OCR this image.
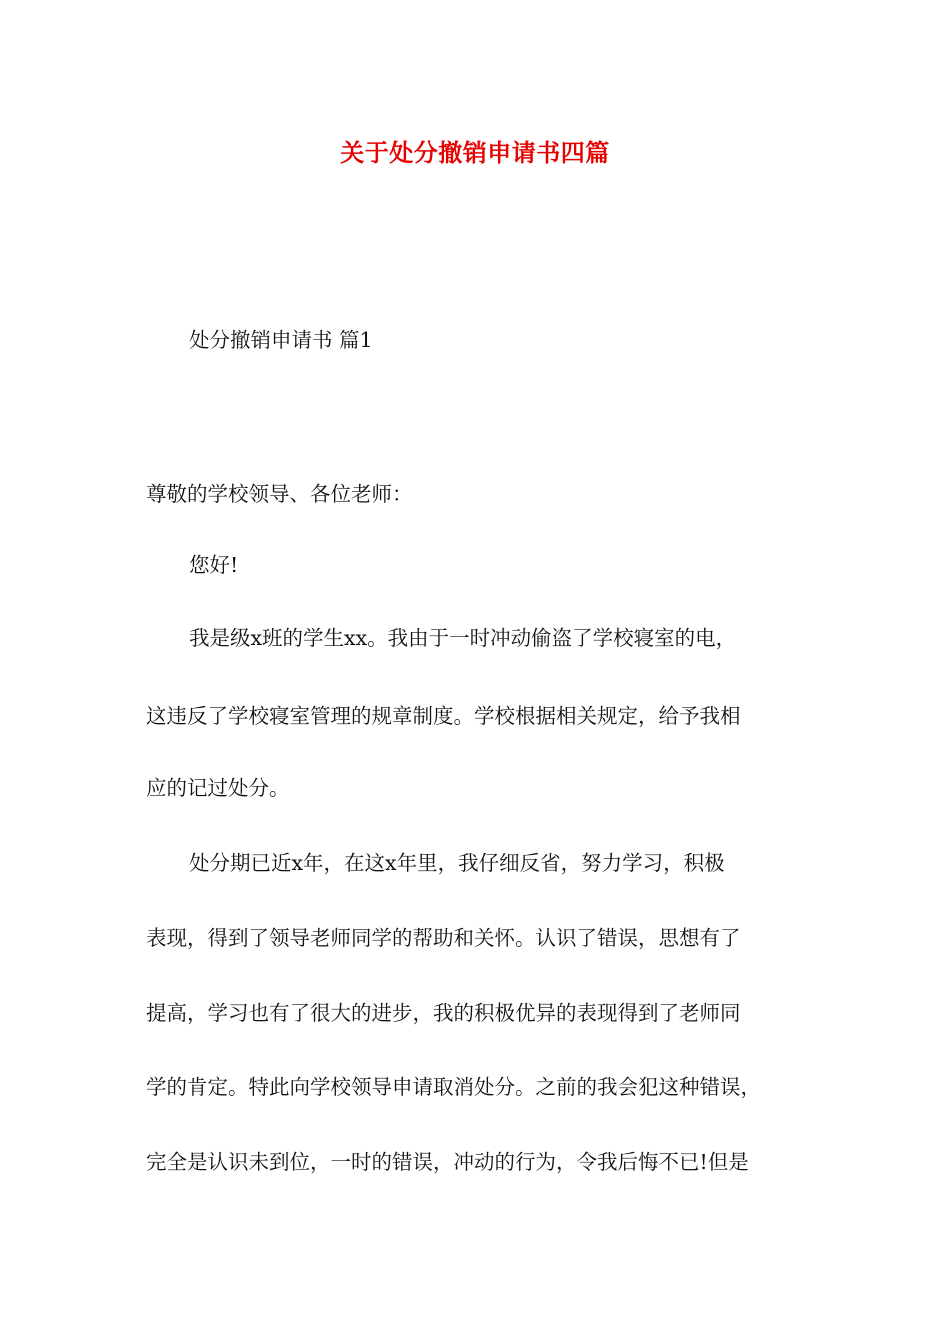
关于处分撤销申请书四篇
处分撤销申请书 篇1
尊敬的学校领导、各位老师：
您好!
我是级x班的学生xx。我由于一时冲动偷盗了学校寝室的电，
这违反了学校寝室管理的规章制度。学校根据相关规定，给予我相
应的记过处分。
处分期已近x年，在这x年里，我仔细反省，努力学习，积极
表现，得到了领导老师同学的帮助和关怀。认识了错误，思想有了
提高，学习也有了很大的进步，我的积极优异的表现得到了老师同
学的肯定。特此向学校领导申请取消处分。之前的我会犯这种错误，
完全是认识未到位，一时的错误，冲动的行为，令我后悔不已!但是
